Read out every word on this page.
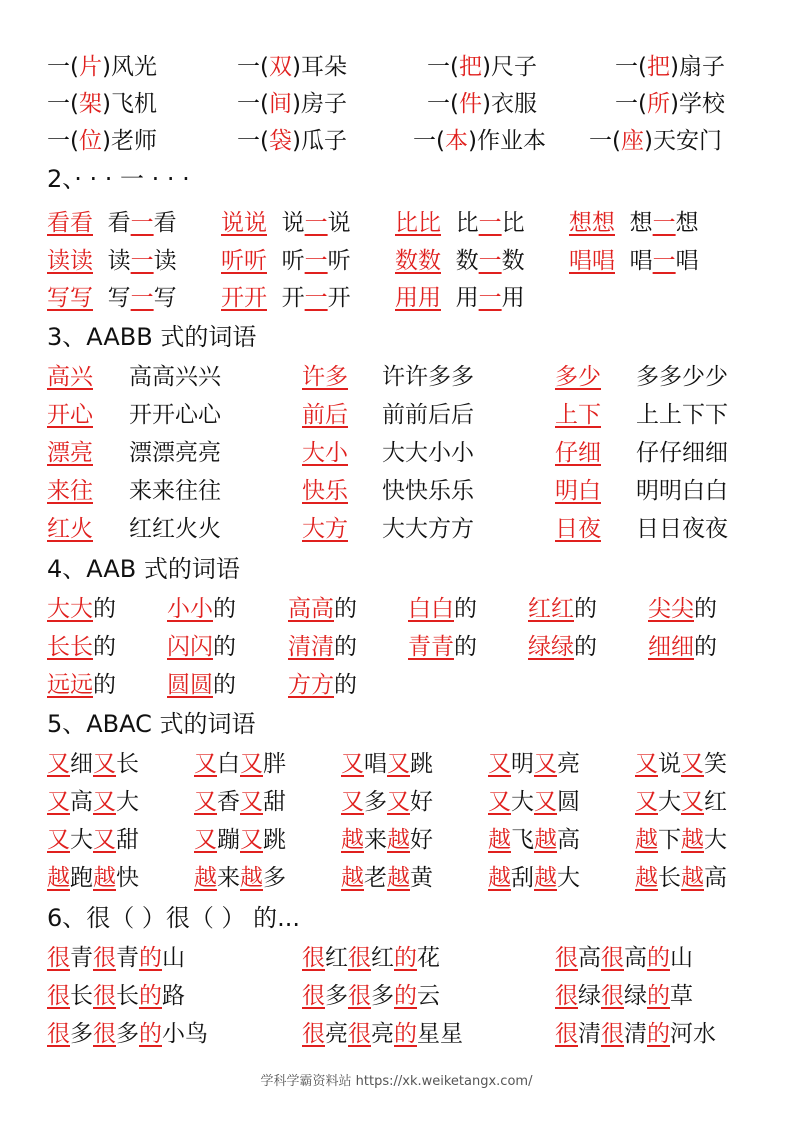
一(片)风光	一(双)耳朵	一(把)尺子	一(把)扇子
一(架)飞机	一(间)房子	一(件)衣服	一(所)学校
一(位)老师	一(袋)瓜子	一(本)作业本 一(座)天安门
2、· · · 一 · · ·
看看 看一看 说说 说一说 比比 比一比 想想 想一想
读读 读一读 听听 听一听 数数 数一数 唱唱 唱一唱
写写 写一写 开开 开一开 用用 用一用
3、AABB 式的词语
高兴 高高兴兴	许多 许许多多	多少 多多少少
开心 开开心心	前后 前前后后	上下 上上下下
漂亮 漂漂亮亮	大小 大大小小	仔细 仔仔细细
来往 来来往往	快乐 快快乐乐	明白 明明白白
红火 红红火火	大方 大大方方	日夜 日日夜夜
4、AAB 式的词语
大大的 小小的 高高的 白白的 红红的 尖尖的
长长的 闪闪的 清清的 青青的 绿绿的 细细的
远远的 圆圆的 方方的
5、ABAC 式的词语
又细又长 又白又胖 又唱又跳 又明又亮 又说又笑
又高又大 又香又甜 又多又好 又大又圆 又大又红
又大又甜 又蹦又跳 越来越好 越飞越高 越下越大
越跑越快 越来越多 越老越黄 越刮越大 越长越高
6、很（ ）很（ ） 的...
很青很青的山	很红很红的花	很高很高的山
很长很长的路	很多很多的云	很绿很绿的草
很多很多的小鸟	很亮很亮的星星	很清很清的河水
学科学霸资料站 https://xk.weiketangx.com/
